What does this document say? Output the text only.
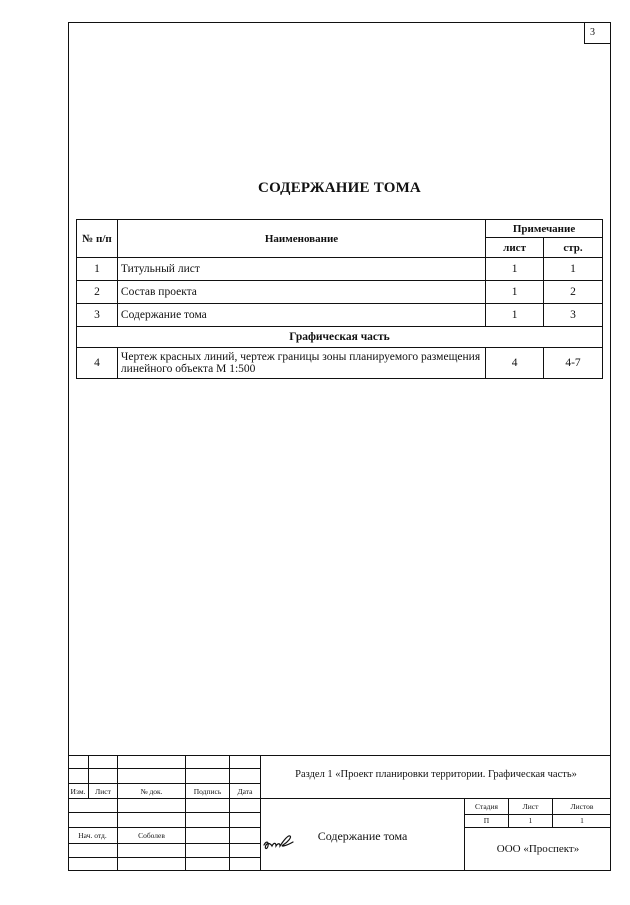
3
СОДЕРЖАНИЕ ТОМА
№ п/п	Наименование	Примечание	
		лист	стр.
1	Титульный лист	1	1
2	Состав проекта	1	2
3	Содержание тома	1	3
Графическая часть			
4	Чертеж красных линий, чертеж границы зоны планируемого размещения линейного объекта М 1:500	4	4-7
Изм.	Лист	№ док.	Подпись	Дата
Раздел 1 «Проект планировки территории. Графическая часть»
Стадия	Лист	Листов
П	1	1
Нач. отд.	Соболев	Содержание тома
ООО «Проспект»
